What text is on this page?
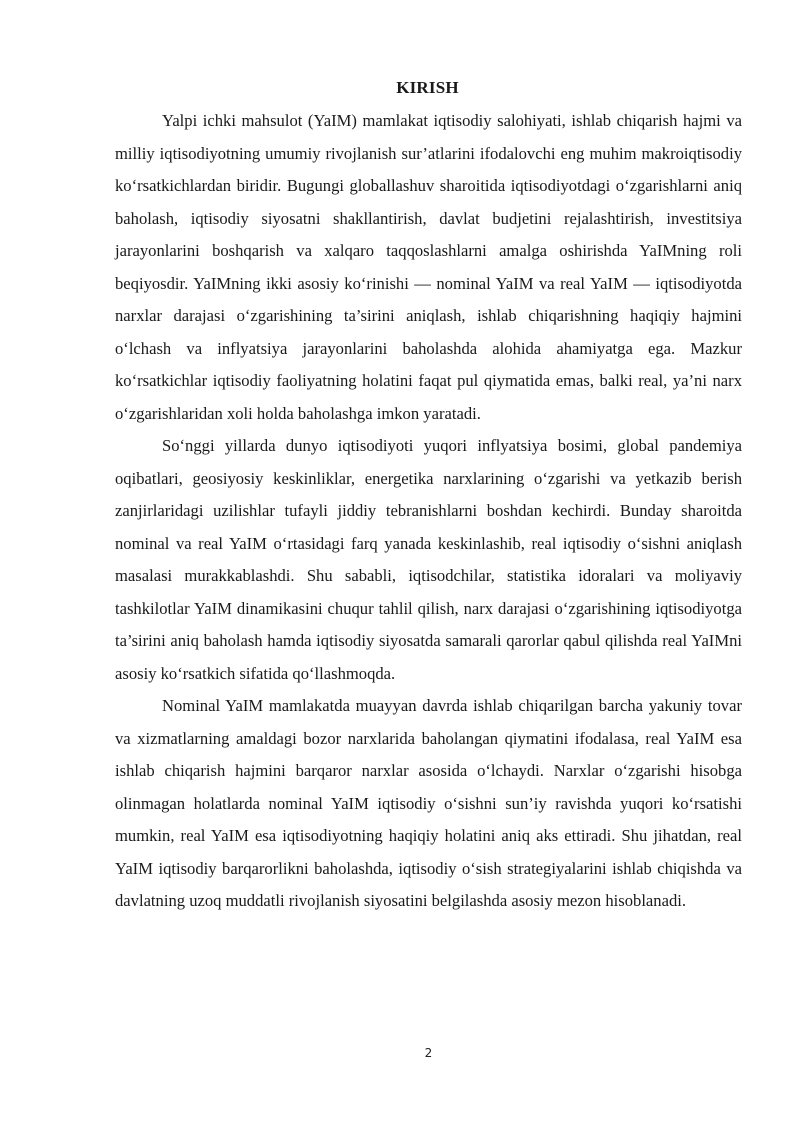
KIRISH

Yalpi ichki mahsulot (YaIM) mamlakat iqtisodiy salohiyati, ishlab chiqarish hajmi va milliy iqtisodiyotning umumiy rivojlanish sur’atlarini ifodalovchi eng muhim makroiqtisodiy ko‘rsatkichlardan biridir. Bugungi globallashuv sharoitida iqtisodiyotdagi o‘zgarishlarni aniq baholash, iqtisodiy siyosatni shakllantirish, davlat budjetini rejalashtirish, investitsiya jarayonlarini boshqarish va xalqaro taqqoslashlarni amalga oshirishda YaIMning roli beqiyosdir. YaIMning ikki asosiy ko‘rinishi — nominal YaIM va real YaIM — iqtisodiyotda narxlar darajasi o‘zgarishining ta’sirini aniqlash, ishlab chiqarishning haqiqiy hajmini o‘lchash va inflyatsiya jarayonlarini baholashda alohida ahamiyatga ega. Mazkur ko‘rsatkichlar iqtisodiy faoliyatning holatini faqat pul qiymatida emas, balki real, ya’ni narx o‘zgarishlaridan xoli holda baholashga imkon yaratadi.

So‘nggi yillarda dunyo iqtisodiyoti yuqori inflyatsiya bosimi, global pandemiya oqibatlari, geosiyosiy keskinliklar, energetika narxlarining o‘zgarishi va yetkazib berish zanjirlaridagi uzilishlar tufayli jiddiy tebranishlarni boshdan kechirdi. Bunday sharoitda nominal va real YaIM o‘rtasidagi farq yanada keskinlashib, real iqtisodiy o‘sishni aniqlash masalasi murakkablashdi. Shu sababli, iqtisodchilar, statistika idoralari va moliyaviy tashkilotlar YaIM dinamikasini chuqur tahlil qilish, narx darajasi o‘zgarishining iqtisodiyotga ta’sirini aniq baholash hamda iqtisodiy siyosatda samarali qarorlar qabul qilishda real YaIMni asosiy ko‘rsatkich sifatida qo‘llashmoqda.

Nominal YaIM mamlakatda muayyan davrda ishlab chiqarilgan barcha yakuniy tovar va xizmatlarning amaldagi bozor narxlarida baholangan qiymatini ifodalasa, real YaIM esa ishlab chiqarish hajmini barqaror narxlar asosida o‘lchaydi. Narxlar o‘zgarishi hisobga olinmagan holatlarda nominal YaIM iqtisodiy o‘sishni sun’iy ravishda yuqori ko‘rsatishi mumkin, real YaIM esa iqtisodiyotning haqiqiy holatini aniq aks ettiradi. Shu jihatdan, real YaIM iqtisodiy barqarorlikni baholashda, iqtisodiy o‘sish strategiyalarini ishlab chiqishda va davlatning uzoq muddatli rivojlanish siyosatini belgilashda asosiy mezon hisoblanadi.

2
